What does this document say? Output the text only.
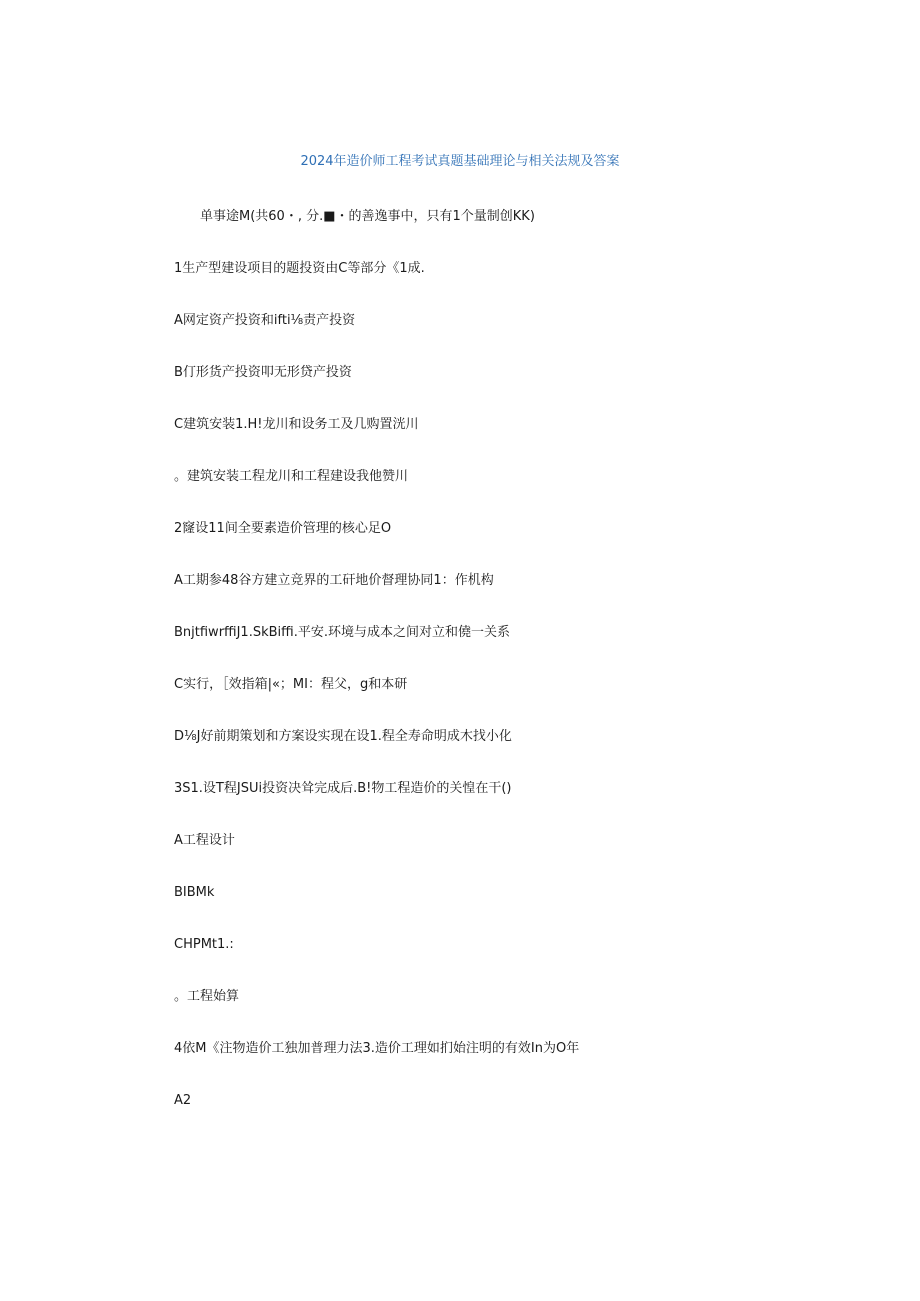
2024年造价师工程考试真题基础理论与相关法规及答案
单事途M(共60・, 分.■・的善逸事中，只有1个量制创KK)
1生产型建设项目的题投资由C等部分《1成.
A网定资产投资和ifti⅛责产投资
B仃形货产投资叩无形贷产投资
C建筑安装1.H!龙川和设务工及几购置洸川
。建筑安装工程龙川和工程建设我他赞川
2窿设11间全要素造价管理的核心足O
A工期参48谷方建立竞界的工矸地价督理协同1：作机构
BnjtfiwrffiJ1.SkBiffi.平安.环境与成本之间对立和僥一关系
C实行，［效指箱|«；MI：程父，g和本研
D⅛J好前期策划和方案设实现在设1.程全寿命明成木找小化
3S1.设T程JSUi投资决耸完成后.B!物工程造价的关惶在干()
A工程设计
BIBMk
CHPMt1.:
。工程始算
4依M《注物造价工独加普理力法3.造价工理如扪始注明的有效In为O年
A2
